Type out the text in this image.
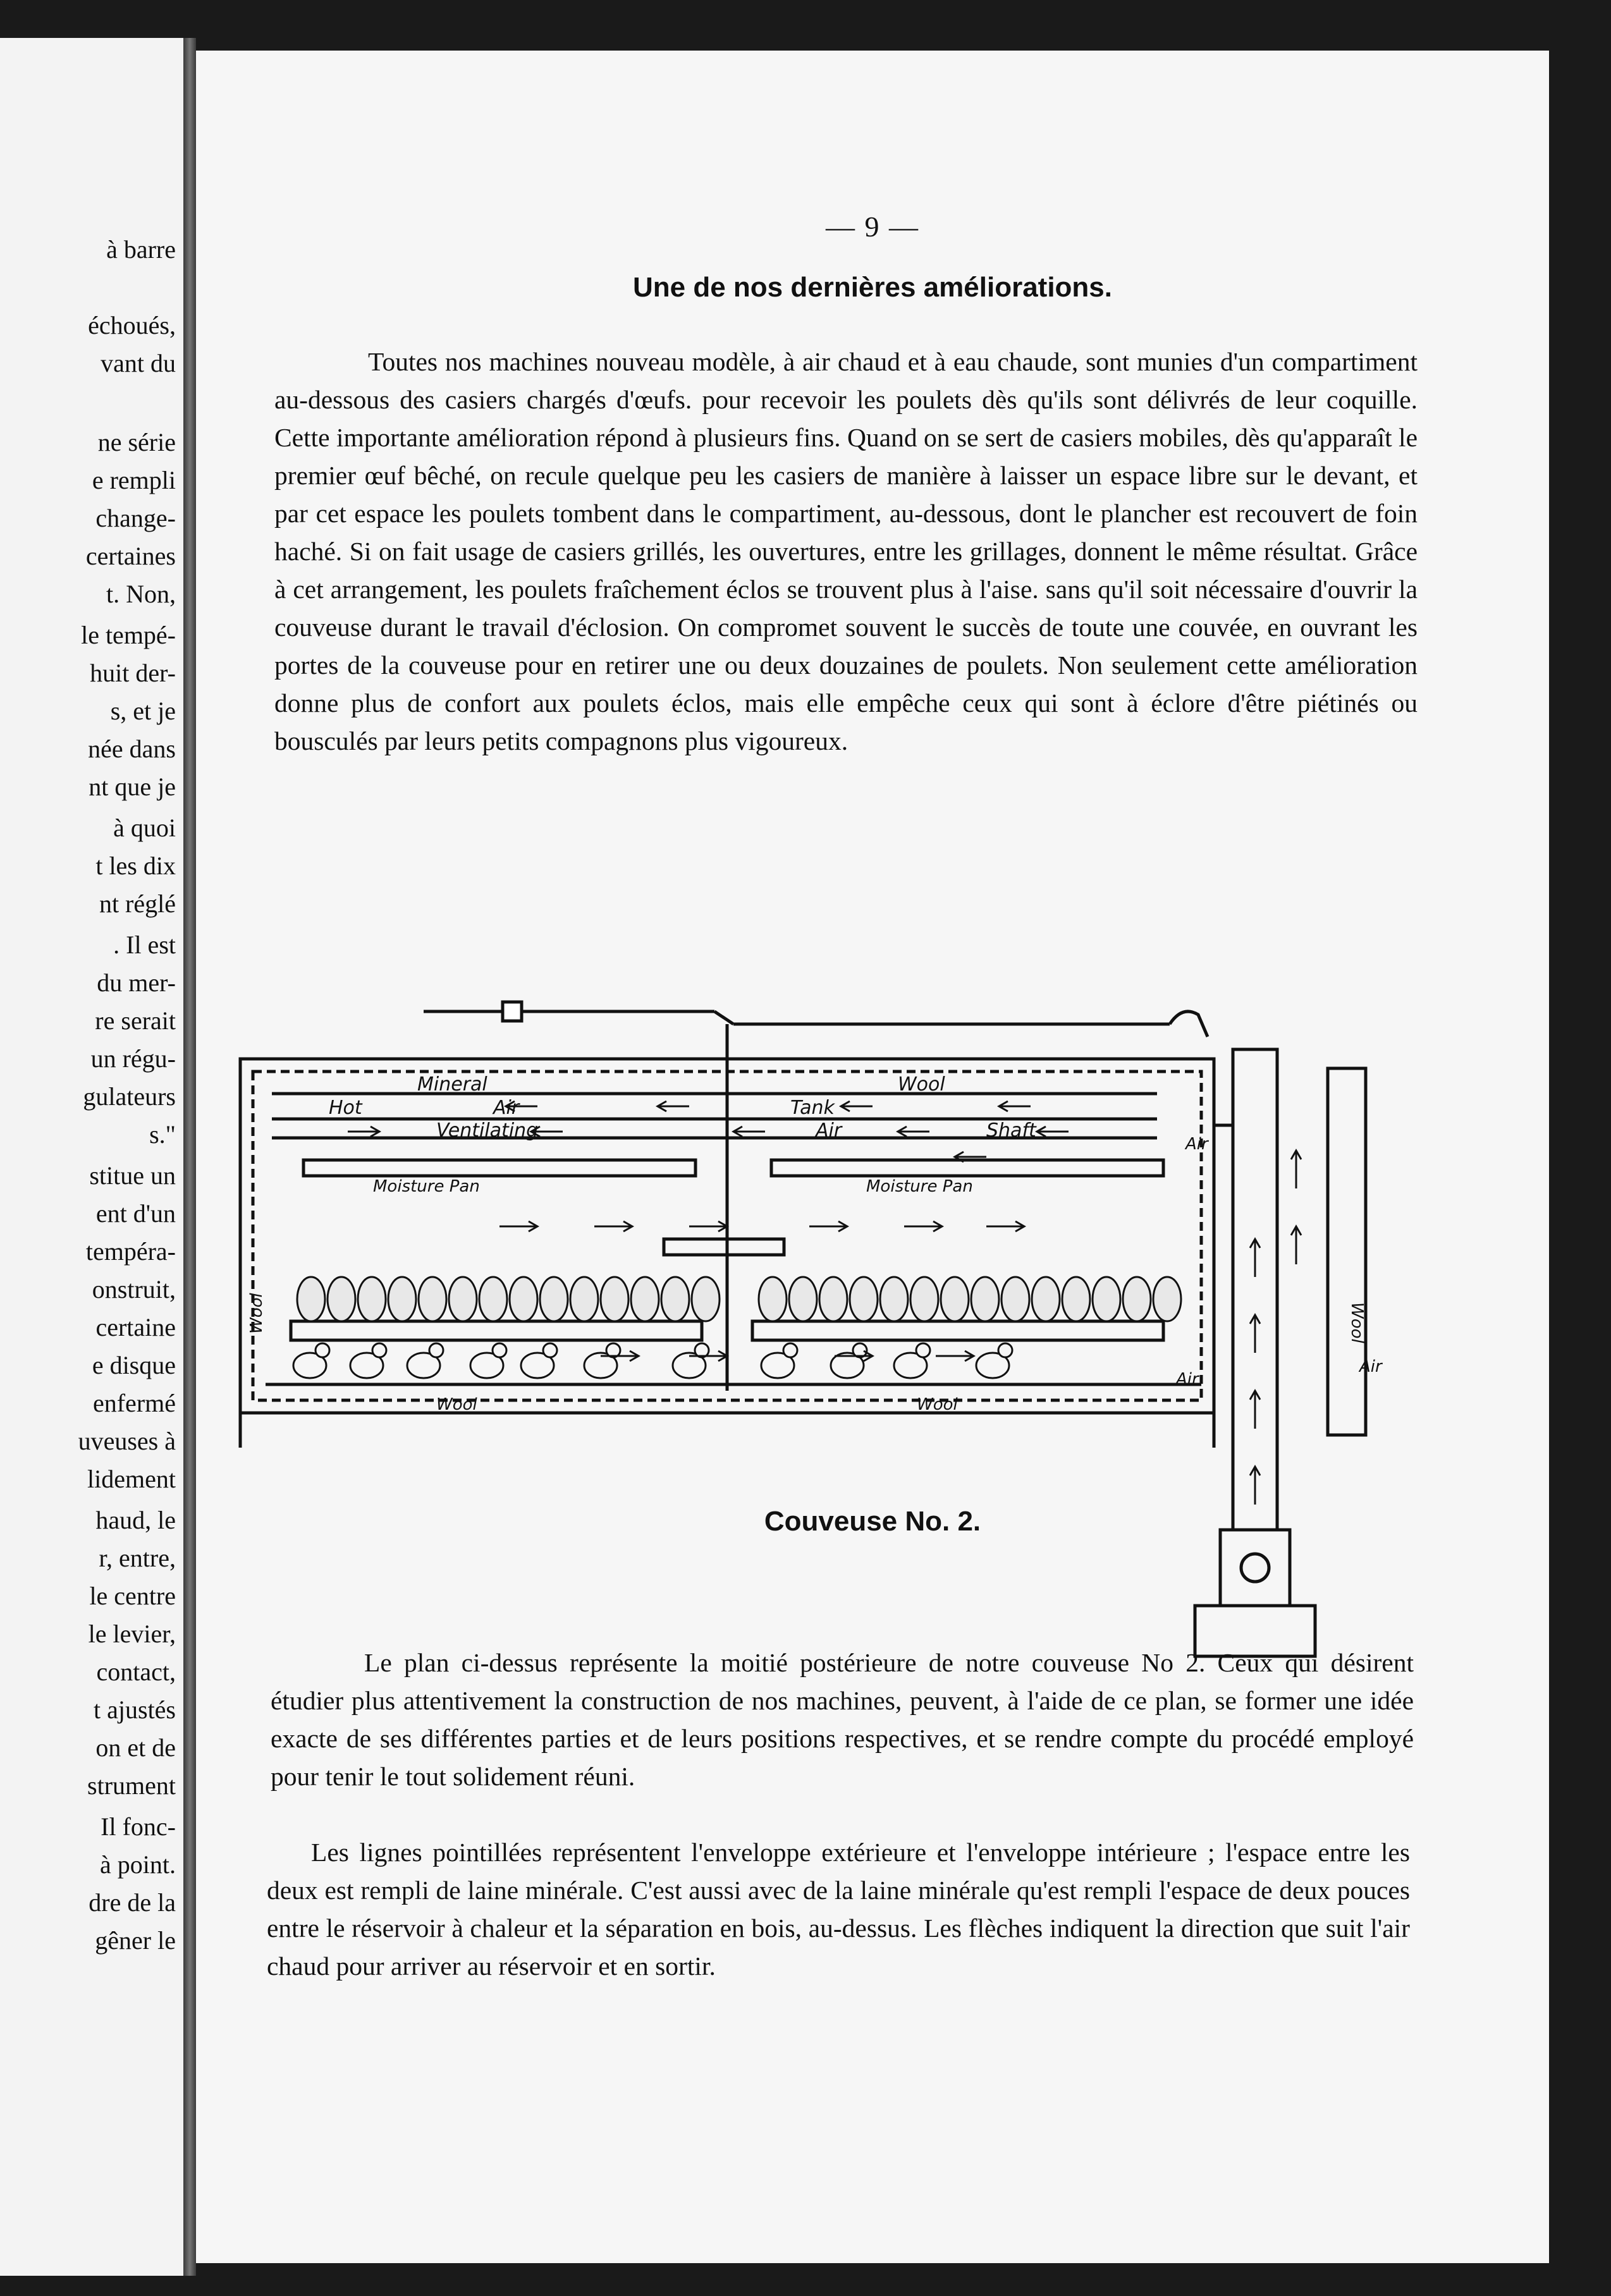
à barre
échoués,
vant du
ne série
e rempli
change-
certaines
t. Non,
le tempé-
huit der-
s, et je
née dans
nt que je
à quoi
t les dix
nt réglé
. Il est
du mer-
re serait
un régu-
gulateurs
s."
stitue un
ent d'un
tempéra-
onstruit,
certaine
e disque
enfermé
uveuses à
lidement
haud, le
r, entre,
le centre
le levier,
contact,
t ajustés
on et de
strument
Il fonc-
à point.
dre de la
gêner le
— 9 —
Une de nos dernières améliorations.

Toutes nos machines nouveau modèle, à air chaud et à eau chaude, sont munies d'un compartiment au-dessous des casiers chargés d'œufs. pour recevoir les poulets dès qu'ils sont délivrés de leur coquille. Cette importante amélioration répond à plusieurs fins. Quand on se sert de casiers mobiles, dès qu'apparaît le premier œuf bêché, on recule quelque peu les casiers de manière à laisser un espace libre sur le devant, et par cet espace les poulets tombent dans le compartiment, au-dessous, dont le plancher est recouvert de foin haché. Si on fait usage de casiers grillés, les ouvertures, entre les grillages, donnent le même résultat. Grâce à cet arrangement, les poulets fraîchement éclos se trouvent plus à l'aise. sans qu'il soit nécessaire d'ouvrir la couveuse durant le travail d'éclosion. On compromet souvent le succès de toute une couvée, en ouvrant les portes de la couveuse pour en retirer une ou deux douzaines de poulets. Non seulement cette amélioration donne plus de confort aux poulets éclos, mais elle empêche ceux qui sont à éclore d'être piétinés ou bousculés par leurs petits compagnons plus vigoureux.

Mineral	Wool
Hot	Air	Tank
Ventilating	Air	Shaft
Moisture Pan	Moisture Pan
Air
Wool	Wool
Air
Air
Wool	Wool
Couveuse No. 2.

Le plan ci-dessus représente la moitié postérieure de notre couveuse No 2. Ceux qui désirent étudier plus attentivement la construction de nos machines, peuvent, à l'aide de ce plan, se former une idée exacte de ses différentes parties et de leurs positions respectives, et se rendre compte du procédé employé pour tenir le tout solidement réuni.

Les lignes pointillées représentent l'enveloppe extérieure et l'enveloppe intérieure ; l'espace entre les deux est rempli de laine minérale. C'est aussi avec de la laine minérale qu'est rempli l'espace de deux pouces entre le réservoir à chaleur et la séparation en bois, au-dessus. Les flèches indiquent la direction que suit l'air chaud pour arriver au réservoir et en sortir.
